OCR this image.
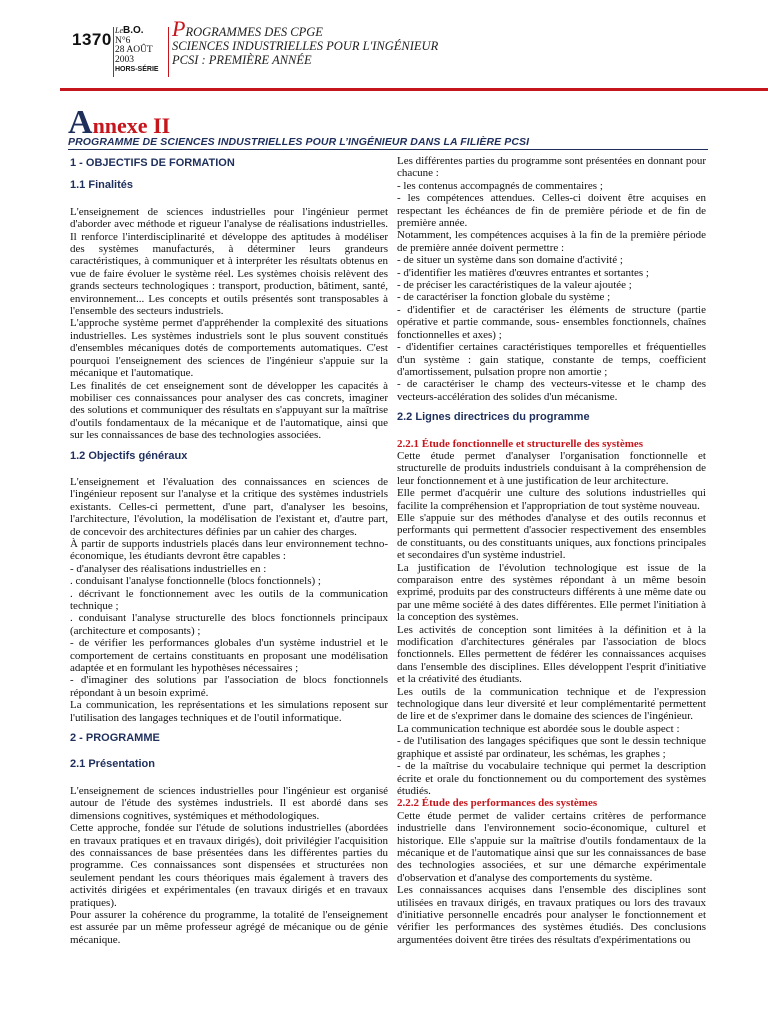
1370 LeB.O.
N°6
28 AOÛT
2003
HORS-SÉRIE
PROGRAMMES DES CPGE
SCIENCES INDUSTRIELLES POUR L'INGÉNIEUR
PCSI : PREMIÈRE ANNÉE
Annexe II
PROGRAMME DE SCIENCES INDUSTRIELLES POUR L’INGÉNIEUR DANS LA FILIÈRE PCSI
1 - OBJECTIFS DE FORMATION
1.1 Finalités

L'enseignement de sciences industrielles pour l'ingénieur permet d'aborder avec méthode et rigueur l'analyse de réalisations industrielles. Il renforce l'interdisciplinarité et développe des aptitudes à modéliser des systèmes manufacturés, à déterminer leurs grandeurs caractéristiques, à communiquer et à interpréter les résultats obtenus en vue de faire évoluer le système réel. Les systèmes choisis relèvent des grands secteurs technologiques : transport, production, bâtiment, santé, environnement... Les concepts et outils présentés sont transposables à l'ensemble des secteurs industriels.

L'approche système permet d'appréhender la complexité des situations industrielles. Les systèmes industriels sont le plus souvent constitués d'ensembles mécaniques dotés de comportements automatiques. C'est pourquoi l'enseignement des sciences de l'ingénieur s'appuie sur la mécanique et l'automatique.

Les finalités de cet enseignement sont de développer les capacités à mobiliser ces connaissances pour analyser des cas concrets, imaginer des solutions et communiquer des résultats en s'appuyant sur la maîtrise d'outils fondamentaux de la mécanique et de l'automatique, ainsi que sur les connaissances de base des technologies associées.

1.2 Objectifs généraux

L'enseignement et l'évaluation des connaissances en sciences de l'ingénieur reposent sur l'analyse et la critique des systèmes industriels existants. Celles-ci permettent, d'une part, d'analyser les besoins, l'architecture, l'évolution, la modélisation de l'existant et, d'autre part, de concevoir des architectures définies par un cahier des charges.

À partir de supports industriels placés dans leur environnement techno- économique, les étudiants devront être capables :

- d'analyser des réalisations industrielles en :

. conduisant l'analyse fonctionnelle (blocs fonctionnels) ;

. décrivant le fonctionnement avec les outils de la communication technique ;

. conduisant l'analyse structurelle des blocs fonctionnels principaux (architecture et composants) ;

- de vérifier les performances globales d'un système industriel et le comportement de certains constituants en proposant une modélisation adaptée et en formulant les hypothèses nécessaires ;

- d'imaginer des solutions par l'association de blocs fonctionnels répondant à un besoin exprimé.

La communication, les représentations et les simulations reposent sur l'utilisation des langages techniques et de l'outil informatique.

2 - PROGRAMME
2.1 Présentation

L'enseignement de sciences industrielles pour l'ingénieur est organisé autour de l'étude des systèmes industriels. Il est abordé dans ses dimensions cognitives, systémiques et méthodologiques.

Cette approche, fondée sur l'étude de solutions industrielles (abordées en travaux pratiques et en travaux dirigés), doit privilégier l'acquisition des connaissances de base présentées dans les différentes parties du programme. Ces connaissances sont dispensées et structurées non seulement pendant les cours théoriques mais également à travers des activités dirigées et expérimentales (en travaux dirigés et en travaux pratiques).

Pour assurer la cohérence du programme, la totalité de l'enseignement est assurée par un même professeur agrégé de mécanique ou de génie mécanique.

Les différentes parties du programme sont présentées en donnant pour chacune :

- les contenus accompagnés de commentaires ;

- les compétences attendues. Celles-ci doivent être acquises en respectant les échéances de fin de première période et de fin de première année.

Notamment, les compétences acquises à la fin de la première période de première année doivent permettre :

- de situer un système dans son domaine d'activité ;

- d'identifier les matières d'œuvres entrantes et sortantes ;

- de préciser les caractéristiques de la valeur ajoutée ;

- de caractériser la fonction globale du système ;

- d'identifier et de caractériser les éléments de structure (partie opérative et partie commande, sous- ensembles fonctionnels, chaînes fonctionnelles et axes) ;

- d'identifier certaines caractéristiques temporelles et fréquentielles d'un système : gain statique, constante de temps, coefficient d'amortissement, pulsation propre non amortie ;

- de caractériser le champ des vecteurs-vitesse et le champ des vecteurs-accélération des solides d'un mécanisme.

2.2 Lignes directrices du programme
2.2.1 Étude fonctionnelle et structurelle des systèmes

Cette étude permet d'analyser l'organisation fonctionnelle et structurelle de produits industriels conduisant à la compréhension de leur fonctionnement et à une justification de leur architecture.

Elle permet d'acquérir une culture des solutions industrielles qui facilite la compréhension et l'appropriation de tout système nouveau.

Elle s'appuie sur des méthodes d'analyse et des outils reconnus et performants qui permettent d'associer respectivement des ensembles de constituants, ou des constituants uniques, aux fonctions principales et secondaires d'un système industriel.

La justification de l'évolution technologique est issue de la comparaison entre des systèmes répondant à un même besoin exprimé, produits par des constructeurs différents à une même date ou par une même société à des dates différentes. Elle permet l'initiation à la conception des systèmes.

Les activités de conception sont limitées à la définition et à la modification d'architectures générales par l'association de blocs fonctionnels. Elles permettent de fédérer les connaissances acquises dans l'ensemble des disciplines. Elles développent l'esprit d'initiative et la créativité des étudiants.

Les outils de la communication technique et de l'expression technologique dans leur diversité et leur complémentarité permettent de lire et de s'exprimer dans le domaine des sciences de l'ingénieur.

La communication technique est abordée sous le double aspect :

- de l'utilisation des langages spécifiques que sont le dessin technique graphique et assisté par ordinateur, les schémas, les graphes ;

- de la maîtrise du vocabulaire technique qui permet la description écrite et orale du fonctionnement ou du comportement des systèmes étudiés.

2.2.2 Étude des performances des systèmes

Cette étude permet de valider certains critères de performance industrielle dans l'environnement socio-économique, culturel et historique. Elle s'appuie sur la maîtrise d'outils fondamentaux de la mécanique et de l'automatique ainsi que sur les connaissances de base des technologies associées, et sur une démarche expérimentale d'observation et d'analyse des comportements du système.

Les connaissances acquises dans l'ensemble des disciplines sont utilisées en travaux dirigés, en travaux pratiques ou lors des travaux d'initiative personnelle encadrés pour analyser le fonctionnement et vérifier les performances des systèmes étudiés. Des conclusions argumentées doivent être tirées des résultats d'expérimentations ou
